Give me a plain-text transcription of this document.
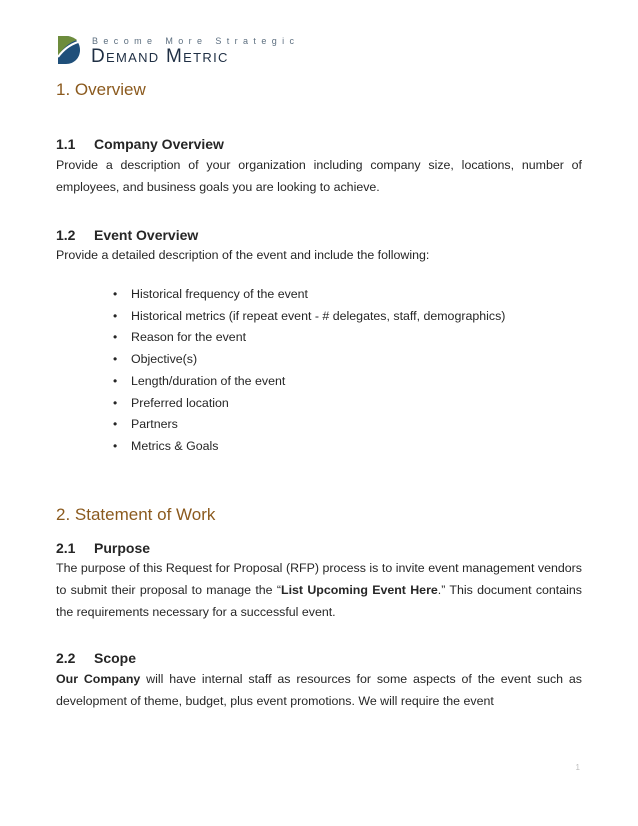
Become More Strategic
Demand Metric
1. Overview
1.1 Company Overview

Provide a description of your organization including company size, locations, number of employees, and business goals you are looking to achieve.

1.2 Event Overview

Provide a detailed description of the event and include the following:

• Historical frequency of the event
• Historical metrics (if repeat event - # delegates, staff, demographics)
• Reason for the event
• Objective(s)
• Length/duration of the event
• Preferred location
• Partners
• Metrics & Goals
2. Statement of Work
2.1 Purpose

The purpose of this Request for Proposal (RFP) process is to invite event management vendors to submit their proposal to manage the “List Upcoming Event Here.” This document contains the requirements necessary for a successful event.

2.2 Scope

Our Company will have internal staff as resources for some aspects of the event such as development of theme, budget, plus event promotions. We will require the event

1
